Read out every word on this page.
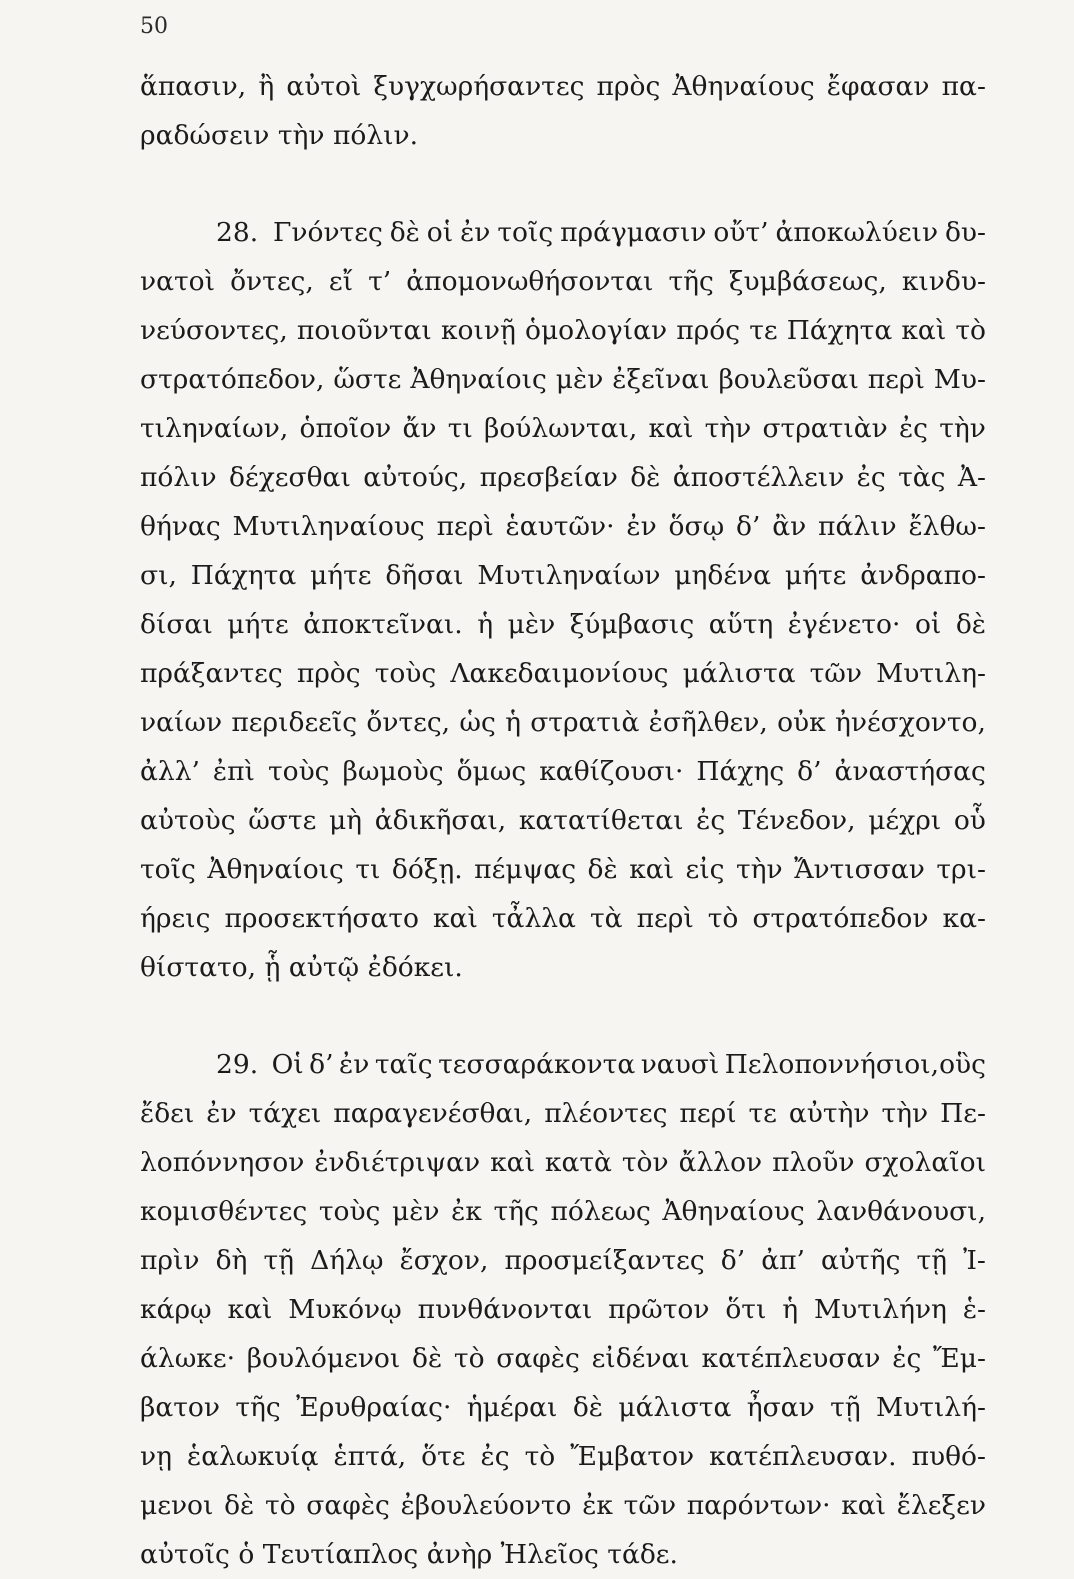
50
ἅπασιν, ἢ αὐτοὶ ξυγχωρήσαντες πρὸς Ἀθηναίους ἔφασαν πα-
ραδώσειν τὴν πόλιν.
28. Γνόντες δὲ οἱ ἐν τοῖς πράγμασιν οὔτ’ ἀποκωλύειν δυ-
νατοὶ ὄντες, εἴ τ’ ἀπομονωθήσονται τῆς ξυμβάσεως, κινδυ-
νεύσοντες, ποιοῦνται κοινῇ ὁμολογίαν πρός τε Πάχητα καὶ τὸ
στρατόπεδον, ὥστε Ἀθηναίοις μὲν ἐξεῖναι βουλεῦσαι περὶ Μυ-
τιληναίων, ὁποῖον ἄν τι βούλωνται, καὶ τὴν στρατιὰν ἐς τὴν
πόλιν δέχεσθαι αὐτούς, πρεσβείαν δὲ ἀποστέλλειν ἐς τὰς Ἀ-
θήνας Μυτιληναίους περὶ ἑαυτῶν· ἐν ὅσῳ δ’ ἂν πάλιν ἔλθω-
σι, Πάχητα μήτε δῆσαι Μυτιληναίων μηδένα μήτε ἀνδραπο-
δίσαι μήτε ἀποκτεῖναι. ἡ μὲν ξύμβασις αὕτη ἐγένετο· οἱ δὲ
πράξαντες πρὸς τοὺς Λακεδαιμονίους μάλιστα τῶν Μυτιλη-
ναίων περιδεεῖς ὄντες, ὡς ἡ στρατιὰ ἐσῆλθεν, οὐκ ἠνέσχοντο,
ἀλλ’ ἐπὶ τοὺς βωμοὺς ὅμως καθίζουσι· Πάχης δ’ ἀναστήσας
αὐτοὺς ὥστε μὴ ἀδικῆσαι, κατατίθεται ἐς Τένεδον, μέχρι οὗ
τοῖς Ἀθηναίοις τι δόξῃ. πέμψας δὲ καὶ εἰς τὴν Ἄντισσαν τρι-
ήρεις προσεκτήσατο καὶ τἆλλα τὰ περὶ τὸ στρατόπεδον κα-
θίστατο, ᾗ αὐτῷ ἐδόκει.
29. Οἱ δ’ ἐν ταῖς τεσσαράκοντα ναυσὶ Πελοποννήσιοι,οὓς
ἔδει ἐν τάχει παραγενέσθαι, πλέοντες περί τε αὐτὴν τὴν Πε-
λοπόννησον ἐνδιέτριψαν καὶ κατὰ τὸν ἄλλον πλοῦν σχολαῖοι
κομισθέντες τοὺς μὲν ἐκ τῆς πόλεως Ἀθηναίους λανθάνουσι,
πρὶν δὴ τῇ Δήλῳ ἔσχον, προσμείξαντες δ’ ἀπ’ αὐτῆς τῇ Ἰ-
κάρῳ καὶ Μυκόνῳ πυνθάνονται πρῶτον ὅτι ἡ Μυτιλήνη ἑ-
άλωκε· βουλόμενοι δὲ τὸ σαφὲς εἰδέναι κατέπλευσαν ἐς Ἔμ-
βατον τῆς Ἐρυθραίας· ἡμέραι δὲ μάλιστα ἦσαν τῇ Μυτιλή-
νῃ ἑαλωκυίᾳ ἑπτά, ὅτε ἐς τὸ Ἔμβατον κατέπλευσαν. πυθό-
μενοι δὲ τὸ σαφὲς ἐβουλεύοντο ἐκ τῶν παρόντων· καὶ ἔλεξεν
αὐτοῖς ὁ Τευτίαπλος ἀνὴρ Ἠλεῖος τάδε.
